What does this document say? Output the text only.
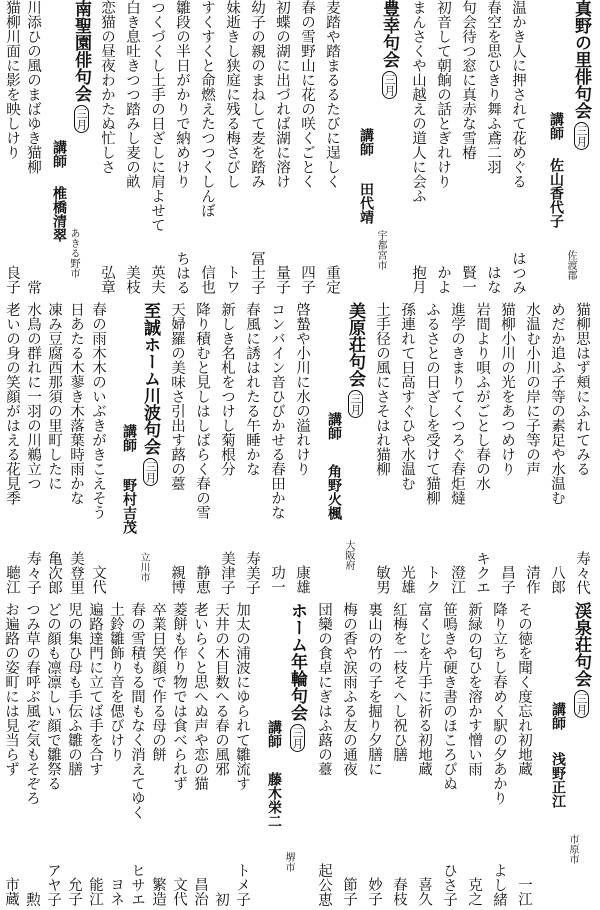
真野の里俳句会三月
講師
佐山香代子
佐渡郡
温かき人に押されて花めぐる
はつみ
春空を思ひきり舞ふ鳶二羽
はな
句会待つ窓に真赤な雪椿
賢一
初音して朝餉の話とぎれけり
かよ
まんさくや山越えの道人に会ふ
抱月
豊幸句会三月
講師
田代靖
宇都宮市
麦踏や踏まるるたびに逞しく
重定
春の雪野山に花の咲くごとく
四子
初蝶の湖に出づれば湖に溶け
量子
幼子の親のまねして麦を踏み
冨士子
妹逝きし狭庭に残る梅さびし
トワ
すくすくと命燃えたつつくしんぼ
信也
雛段の半日がかりで納めけり
ちはる
つくづくし土手の日ざしに肩よせて
英夫
白き息吐きつつ踏みし麦の畝
美枝
恋猫の昼夜わかたぬ忙しさ
弘章
南聖園俳句会三月
講師
椎橋清翠
あきる野市
川添ひの風のまばゆき猫柳
常
猫柳川面に影を映しけり
良子
猫柳思はず頬にふれてみる
寿々代
めだか追ふ子等の素足や水温む
八郎
水温む小川の岸に子等の声
清作
猫柳小川の光をあつめけり
昌子
岩間より唄ふがごとし春の水
キクエ
進学のきまりてくつろぐ春炬燵
澄江
ふるさとの日ざしを受けて猫柳
トク
孫連れて日高すぐひや水温む
光雄
土手径の風にさそはれ猫柳
敏男
美原荘句会三月
講師
角野火楓
大阪府
啓蟄や小川に水の溢れけり
康雄
コンバイン音ひびかせる春田かな
功一
春風に誘はれたる午睡かな
寿美子
新しき名札をつけし菊根分
美津子
降り積むと見しはしばらく春の雪
静恵
天婦羅の美味さ引出す蕗の薹
親博
至誠ホーム川波句会三月
講師
野村吉茂
立川市
春の雨木木のいぶきがきこえそう
文代
日あたる木蓼き木落葉時雨かな
美登里
凍み豆腐西那須の里町したに
亀次郎
水鳥の群れに一羽の川鵜立つ
寿々子
老いの身の笑顔がはえる花見季
聴江
渓泉荘句会三月
講師
浅野正江
市原市
その徳を聞く度忘れ初地蔵
一江
降り立ちし春めく駅の夕あかり
よし緒
新緑の匂ひを溶かす憎い雨
克之
笹鳴きや硬き書のほころびぬ
ひさ子
富くじを片手に祈る初地蔵
喜久
紅梅を一枝そへし祝ひ膳
春枝
裏山の竹の子を掘り夕膳に
妙子
梅の香や涙雨ふる友の通夜
節子
団欒の食卓にぎはふ蕗の薹
起公恵
ホーム年輪句会三月
講師
藤木栄二
堺市
加太の浦波にゆられて雛流す
トメ子
天井の木目数へる春の風邪
初
老いらくと思へぬ声や恋の猫
昌治
菱餅も作り物では食べられず
文代
卒業日笑顔で作る母の餅
繁造
春の雪積もる間もなく消えてゆく
ヒサエ
土鈴雛飾り音を偲びけり
ヨネ
遍路達門に立てば手を合す
能江
児の集ひ母も手伝ふ雛の膳
允子
どの顔も凛凛しい顔で雛祭る
アヤ子
つみ草の春呼ぶ風ぞ気もそぞろ
勲
お遍路の姿町には見当らず
市蔵
